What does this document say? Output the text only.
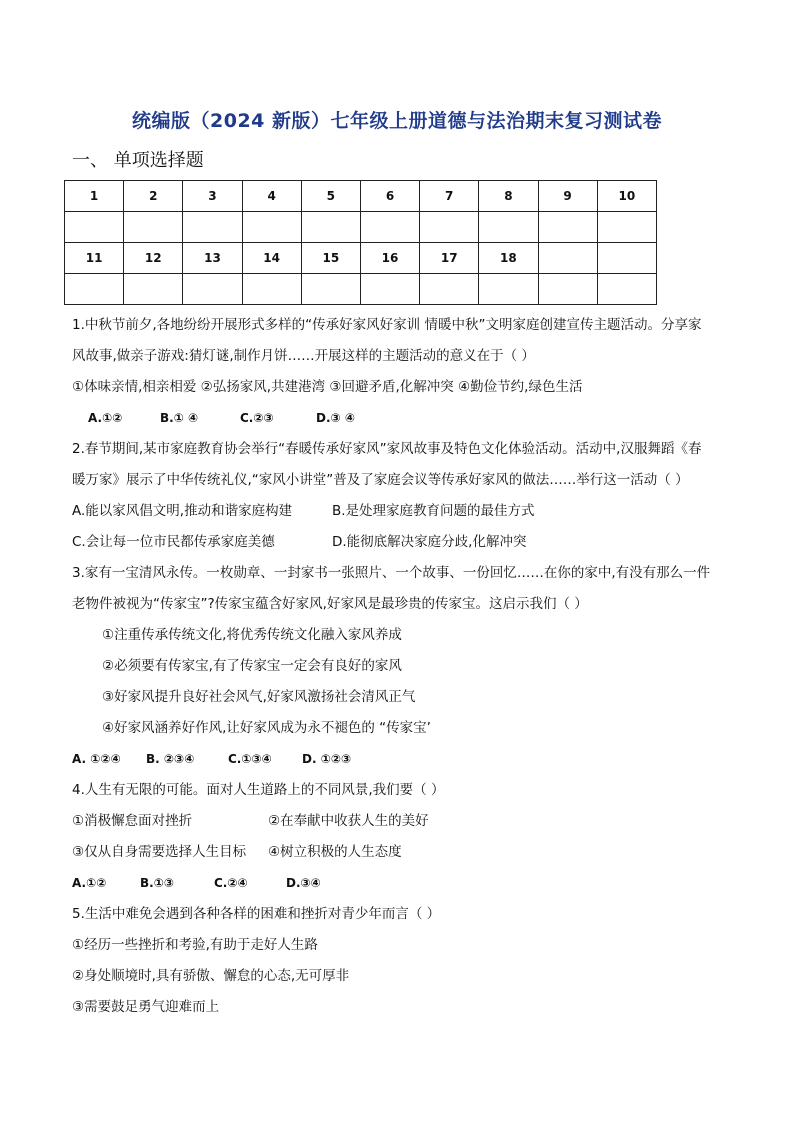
统编版（2024 新版）七年级上册道德与法治期末复习测试卷
一、 单项选择题
1	2	3	4	5	6	7	8	9	10

11	12	13	14	15	16	17	18		

1.中秋节前夕,各地纷纷开展形式多样的“传承好家风好家训 情暖中秋”文明家庭创建宣传主题活动。分享家
风故事,做亲子游戏:猜灯谜,制作月饼……开展这样的主题活动的意义在于（ ）
①体味亲情,相亲相爱 ②弘扬家风,共建港湾 ③回避矛盾,化解冲突 ④勤俭节约,绿色生活
A.①②	B.① ④	C.②③	D.③ ④
2.春节期间,某市家庭教育协会举行“春暖传承好家风”家风故事及特色文化体验活动。活动中,汉服舞蹈《春
暖万家》展示了中华传统礼仪,“家风小讲堂”普及了家庭会议等传承好家风的做法……举行这一活动（ ）
A.能以家风倡文明,推动和谐家庭构建	B.是处理家庭教育问题的最佳方式
C.会让每一位市民都传承家庭美德	D.能彻底解决家庭分歧,化解冲突
3.家有一宝清风永传。一枚勋章、一封家书一张照片、一个故事、一份回忆……在你的家中,有没有那么一件
老物件被视为“传家宝”?传家宝蕴含好家风,好家风是最珍贵的传家宝。这启示我们（ ）
①注重传承传统文化,将优秀传统文化融入家风养成
②必须要有传家宝,有了传家宝一定会有良好的家风
③好家风提升良好社会风气,好家风激扬社会清风正气
④好家风涵养好作风,让好家风成为永不褪色的 “传家宝’
A. ①②④	B. ②③④	C.①③④	D. ①②③
4.人生有无限的可能。面对人生道路上的不同风景,我们要（ ）
①消极懈怠面对挫折	②在奉献中收获人生的美好
③仅从自身需要选择人生目标	④树立积极的人生态度
A.①②	B.①③	C.②④	D.③④
5.生活中难免会遇到各种各样的困难和挫折对青少年而言（ ）
①经历一些挫折和考验,有助于走好人生路
②身处顺境时,具有骄傲、懈怠的心态,无可厚非
③需要鼓足勇气迎难而上
